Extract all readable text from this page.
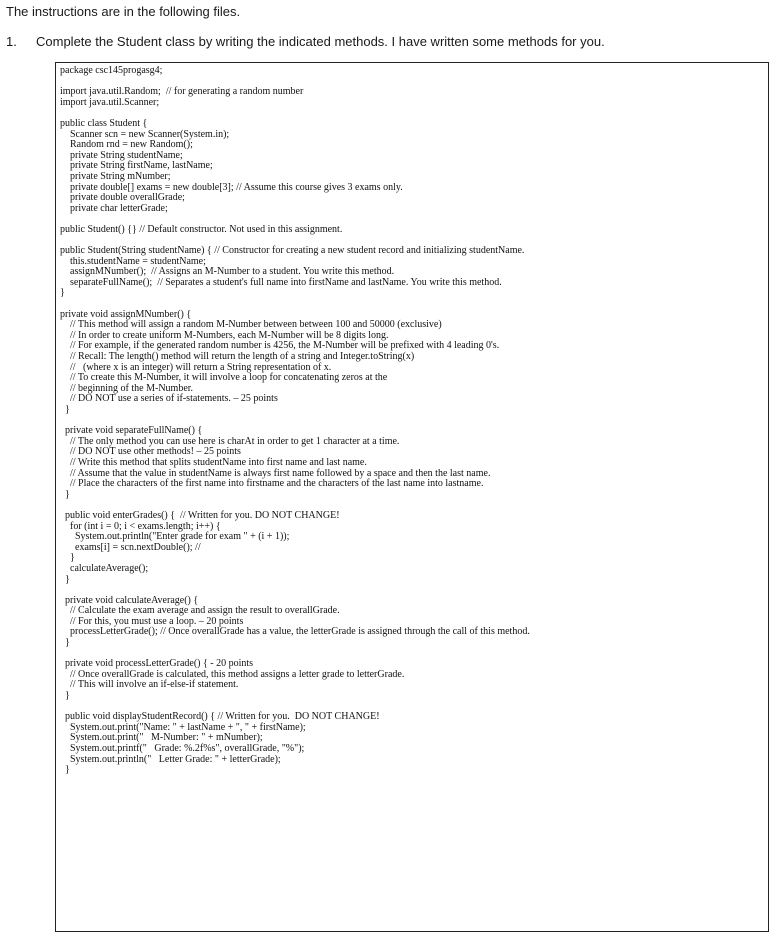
The instructions are in the following files.
1. Complete the Student class by writing the indicated methods. I have written some methods for you.
package csc145progasg4;
import java.util.Random;  // for generating a random number
import java.util.Scanner;
public class Student {
Scanner scn = new Scanner(System.in);
Random rnd = new Random();
private String studentName;
private String firstName, lastName;
private String mNumber;
private double[] exams = new double[3]; // Assume this course gives 3 exams only.
private double overallGrade;
private char letterGrade;
public Student() {} // Default constructor. Not used in this assignment.
public Student(String studentName) { // Constructor for creating a new student record and initializing studentName.
this.studentName = studentName;
assignMNumber();  // Assigns an M-Number to a student. You write this method.
separateFullName();  // Separates a student's full name into firstName and lastName. You write this method.
}
private void assignMNumber() {
// This method will assign a random M-Number between between 100 and 50000 (exclusive)
// In order to create uniform M-Numbers, each M-Number will be 8 digits long.
// For example, if the generated random number is 4256, the M-Number will be prefixed with 4 leading 0's.
// Recall: The length() method will return the length of a string and Integer.toString(x)
//   (where x is an integer) will return a String representation of x.
// To create this M-Number, it will involve a loop for concatenating zeros at the
// beginning of the M-Number.
// DO NOT use a series of if-statements. – 25 points
}
private void separateFullName() {
// The only method you can use here is charAt in order to get 1 character at a time.
// DO NOT use other methods! – 25 points
// Write this method that splits studentName into first name and last name.
// Assume that the value in studentName is always first name followed by a space and then the last name.
// Place the characters of the first name into firstname and the characters of the last name into lastname.
}
public void enterGrades() {  // Written for you. DO NOT CHANGE!
for (int i = 0; i < exams.length; i++) {
System.out.println("Enter grade for exam " + (i + 1));
exams[i] = scn.nextDouble(); //
}
calculateAverage();
}
private void calculateAverage() {
// Calculate the exam average and assign the result to overallGrade.
// For this, you must use a loop. – 20 points
processLetterGrade(); // Once overallGrade has a value, the letterGrade is assigned through the call of this method.
}
private void processLetterGrade() { - 20 points
// Once overallGrade is calculated, this method assigns a letter grade to letterGrade.
// This will involve an if-else-if statement.
}
public void displayStudentRecord() { // Written for you.  DO NOT CHANGE!
System.out.print("Name: " + lastName + ", " + firstName);
System.out.print("   M-Number: " + mNumber);
System.out.printf("   Grade: %.2f%s", overallGrade, "%");
System.out.println("   Letter Grade: " + letterGrade);
}
